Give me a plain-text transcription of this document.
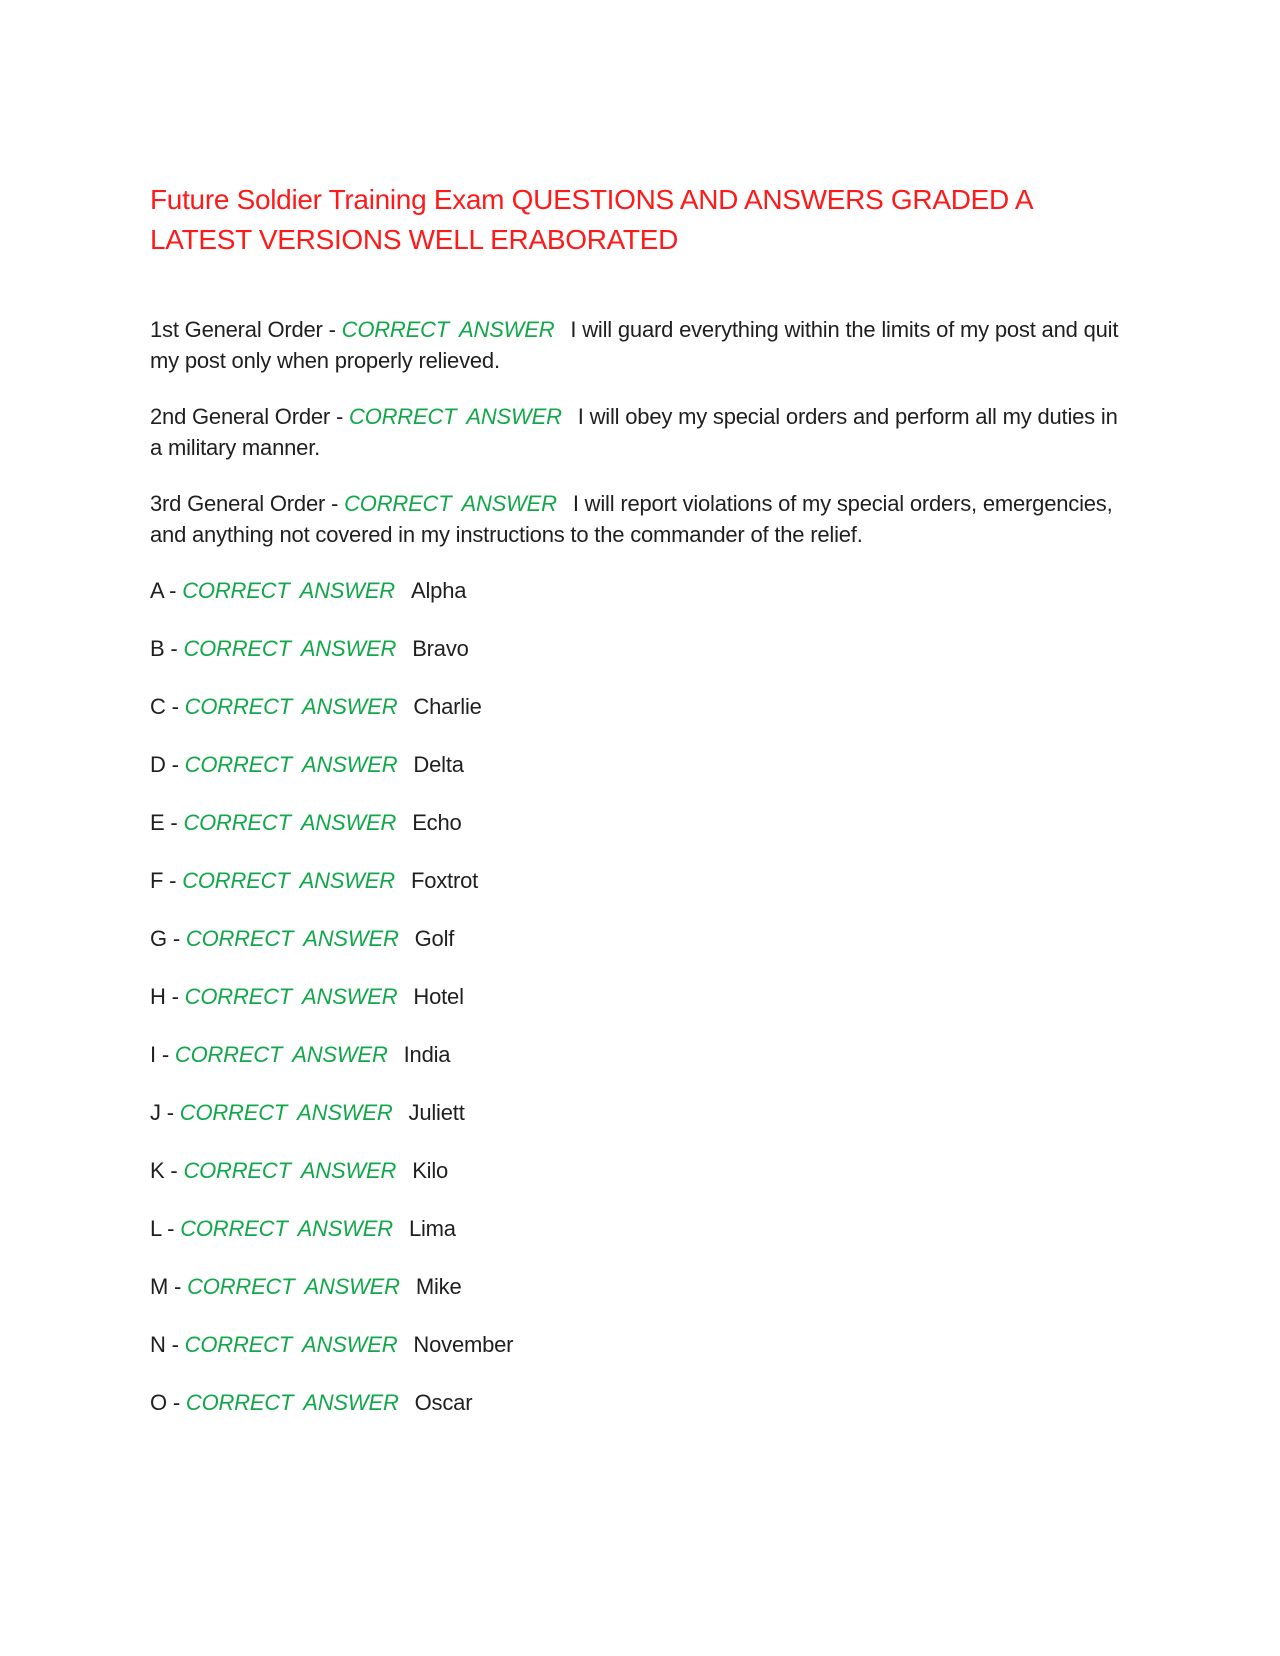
Future Soldier Training Exam QUESTIONS AND ANSWERS GRADED A LATEST VERSIONS WELL ERABORATED

1st General Order - CORRECT ANSWER I will guard everything within the limits of my post and quit my post only when properly relieved.

2nd General Order - CORRECT ANSWER I will obey my special orders and perform all my duties in a military manner.

3rd General Order - CORRECT ANSWER I will report violations of my special orders, emergencies, and anything not covered in my instructions to the commander of the relief.

A - CORRECT ANSWER Alpha

B - CORRECT ANSWER Bravo

C - CORRECT ANSWER Charlie

D - CORRECT ANSWER Delta

E - CORRECT ANSWER Echo

F - CORRECT ANSWER Foxtrot

G - CORRECT ANSWER Golf

H - CORRECT ANSWER Hotel

I - CORRECT ANSWER India

J - CORRECT ANSWER Juliett

K - CORRECT ANSWER Kilo

L - CORRECT ANSWER Lima

M - CORRECT ANSWER Mike

N - CORRECT ANSWER November

O - CORRECT ANSWER Oscar
